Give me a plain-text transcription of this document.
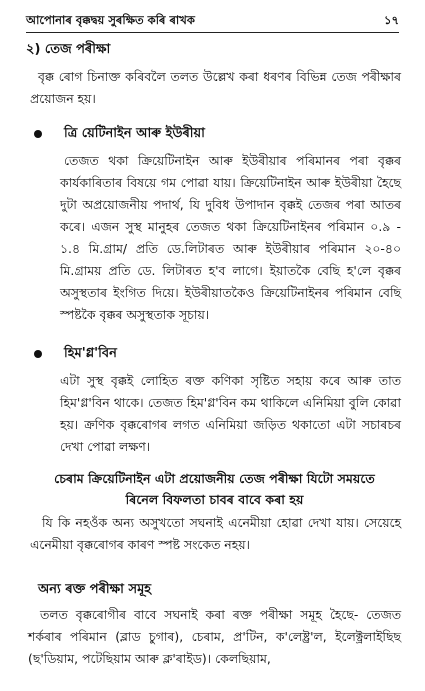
আপোনাৰ বৃক্কদ্বয় সুৰক্ষিত কৰি ৰাখক	১৭
২) তেজ পৰীক্ষা
বৃক্ক ৰোগ চিনাক্ত কৰিবলৈ তলত উল্লেখ কৰা ধৰণৰ বিভিন্ন তেজ পৰীক্ষাৰ প্ৰয়োজন হয়।
ত্রি য়েটিনাইন আৰু ইউৰীয়া
তেজত থকা ক্রিয়েটিনাইন আৰু ইউৰীয়াৰ পৰিমানৰ পৰা বৃক্কৰ কাৰ্যকাৰিতাৰ বিষয়ে গম পোৱা যায়। ক্রিয়েটিনাইন আৰু ইউৰীয়া হৈছে দুটা অপ্ৰয়োজনীয় পদাৰ্থ, যি দুবিধ উপাদান বৃক্কই তেজৰ পৰা আতৰ কৰে। এজন সুস্থ মানুহৰ তেজত থকা ক্রিয়েটিনাইনৰ পৰিমান ০.৯ - ১.৪ মি.গ্রাম/ প্ৰতি ডে.লিটাৰত আৰু ইউৰীয়াৰ পৰিমান ২০-৪০ মি.গ্রাময় প্ৰতি ডে. লিটাৰত হ'ব লাগে। ইয়াতকৈ বেছি হ'লে বৃক্কৰ অসুস্থতাৰ ইংগিত দিয়ে। ইউৰীয়াতকৈও ক্রিয়েটিনাইনৰ পৰিমান বেছি স্পষ্টকৈ বৃক্কৰ অসুস্থতাক সূচায়।
হিম'গ্ল'বিন
এটা সুস্থ বৃক্কই লোহিত ৰক্ত কণিকা সৃষ্টিত সহায় কৰে আৰু তাত হিম'গ্ল'বিন থাকে। তেজত হিম'গ্ল'বিন কম থাকিলে এনিমিয়া বুলি কোৱা হয়। ক্রণিক বৃক্কৰোগৰ লগত এনিমিয়া জড়িত থকাতো এটা সচাৰচৰ দেখা পোৱা লক্ষণ।
চেৰাম ক্রিয়েটিনাইন এটা প্ৰয়োজনীয় তেজ পৰীক্ষা যিটো সময়তে
ৰিনেল বিফলতা চাবৰ বাবে কৰা হয়
যি কি নহওঁক অন্য অসুখতো সঘনাই এনেমীয়া হোৱা দেখা যায়। সেয়েহে এনেমীয়া বৃক্কৰোগৰ কাৰণ স্পষ্ট সংকেত নহয়।
অন্য ৰক্ত পৰীক্ষা সমূহ
তলত বৃক্কৰোগীৰ বাবে সঘনাই কৰা ৰক্ত পৰীক্ষা সমূহ হৈছে- তেজত শৰ্কৰাৰ পৰিমান (ব্লাড চুগাৰ), চেৰাম, প্ৰ'টিন, ক'লেষ্ট্ৰ'ল, ইলেক্ট্ৰলাইছিছ (ছ'ডিয়াম, পটেছিয়াম আৰু ক্ল'ৰাইড)। কেলছিয়াম,
